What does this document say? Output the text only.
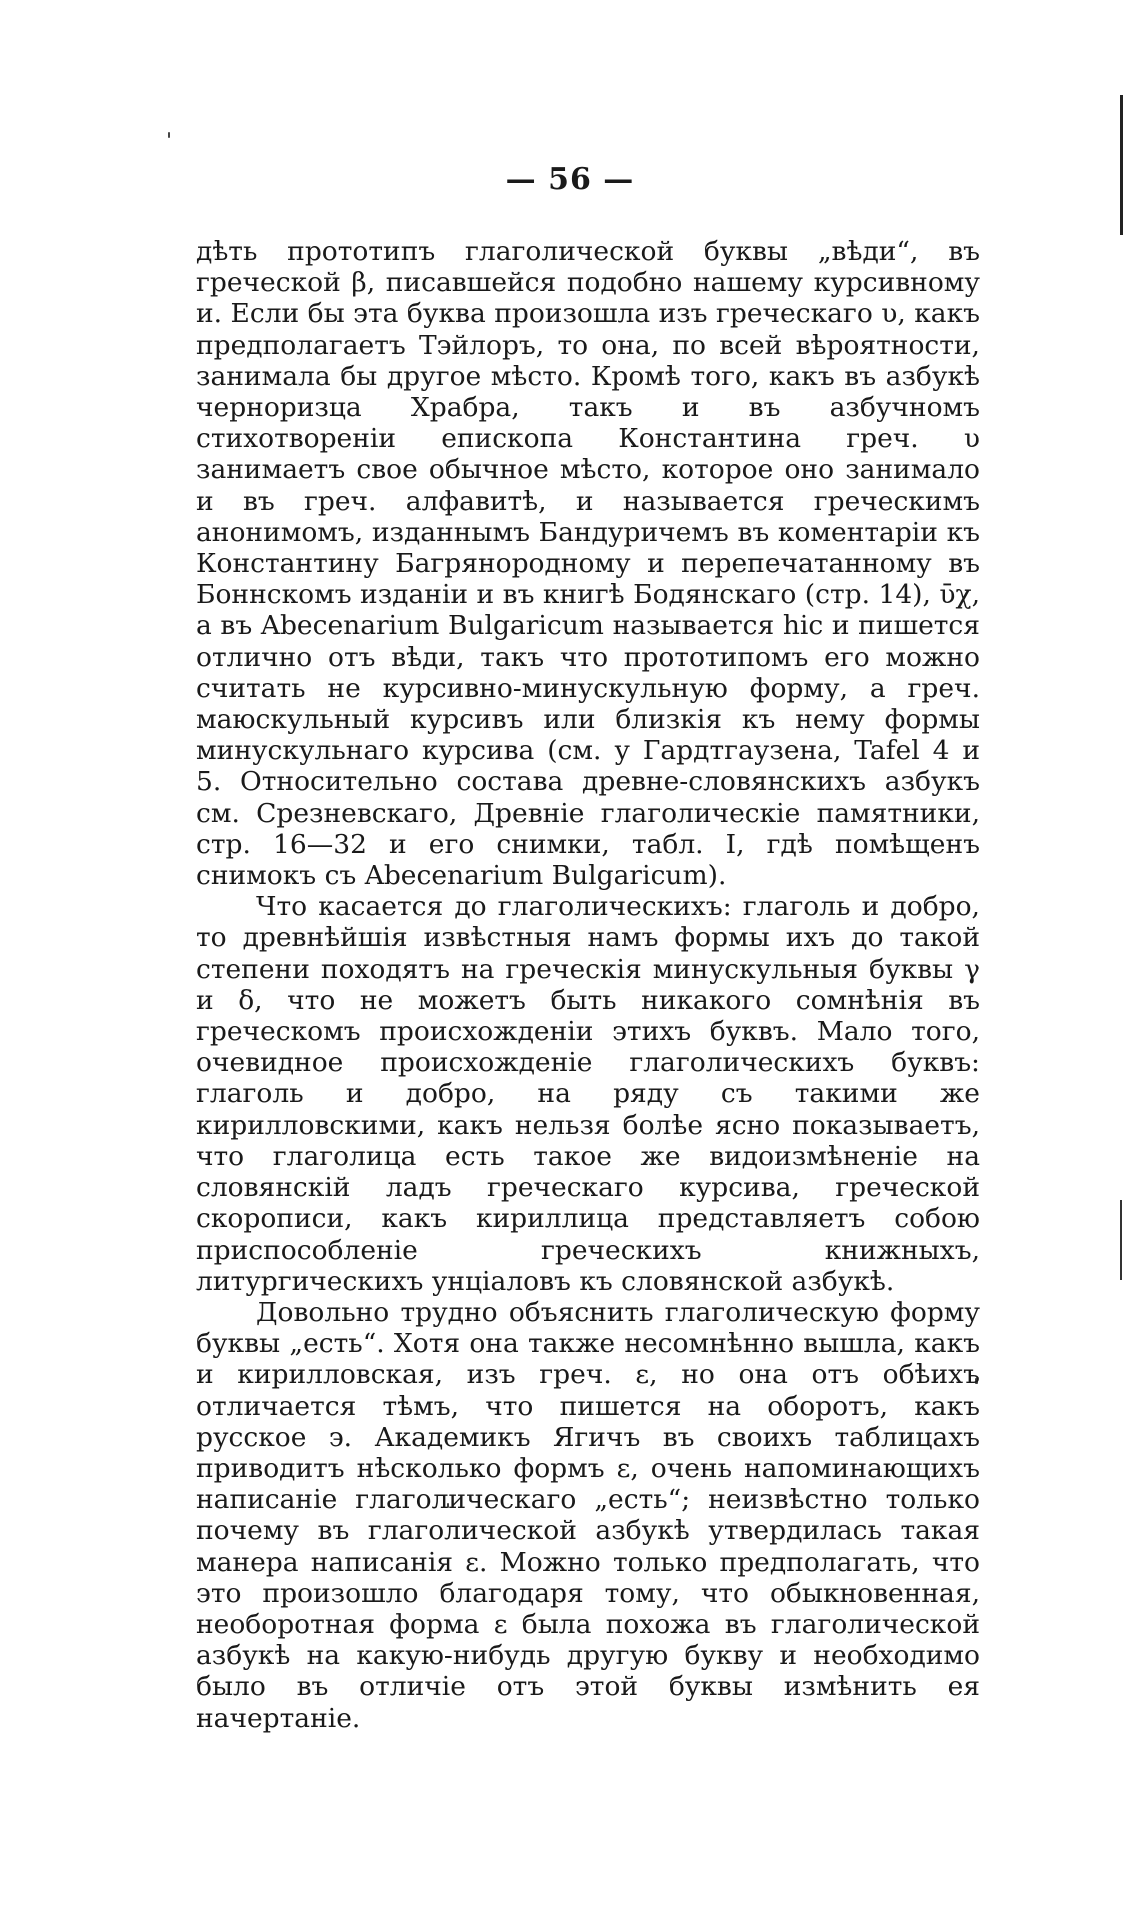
— 56 —

дѣть прототипъ глаголической буквы „вѣди“, въ греческой β, писавшейся подобно нашему курсивному и. Если бы эта буква произошла изъ греческаго υ, какъ предполагаетъ Тэйлоръ, то она, по всей вѣроятности, занимала бы другое мѣсто. Кромѣ того, какъ въ азбукѣ черноризца Храбра, такъ и въ азбучномъ стихотворенiи епископа Константина греч. υ занимаетъ свое обычное мѣсто, которое оно занимало и въ греч. алфавитѣ, и называется греческимъ анонимомъ, изданнымъ Бандуричемъ въ коментарiи къ Константину Багрянородному и перепечатанному въ Боннскомъ изданiи и въ книгѣ Бодянскаго (стр. 14), ῡχ, а въ Abecenarium Bulgaricum называется hic и пишется отлично отъ вѣди, такъ что прототипомъ его можно считать не курсивно-минускульную форму, а греч. маюскульный курсивъ или близкiя къ нему формы минускульнаго курсива (см. у Гардтгаузена, Tafel 4 и 5. Относительно состава древне-словянскихъ азбукъ см. Срезневскаго, Древнiе глаголическiе памятники, стр. 16—32 и его снимки, табл. I, гдѣ помѣщенъ снимокъ съ Abecenarium Bulgaricum).

Что касается до глаголическихъ: глаголь и добро, то древнѣйшiя извѣстныя намъ формы ихъ до такой степени походятъ на греческiя минускульныя буквы γ и δ, что не можетъ быть никакого сомнѣнiя въ греческомъ происхожденiи этихъ буквъ. Мало того, очевидное происхожденiе глаголическихъ буквъ: глаголь и добро, на ряду съ такими же кирилловскими, какъ нельзя болѣе ясно показываетъ, что глаголица есть такое же видоизмѣненiе на словянскiй ладъ греческаго курсива, греческой скорописи, какъ кириллица представляетъ собою приспособленiе греческихъ книжныхъ, литургическихъ унцiаловъ къ словянской азбукѣ.

Довольно трудно объяснить глаголическую форму буквы „есть“. Хотя она также несомнѣнно вышла, какъ и кирилловская, изъ греч. ε, но она отъ обѣихъ отличается тѣмъ, что пишется на оборотъ, какъ русское э. Академикъ Ягичъ въ своихъ таблицахъ приводитъ нѣсколько формъ ε, очень напоминающихъ написанiе глаголическаго „есть“; неизвѣстно только почему въ глаголической азбукѣ утвердилась такая манера написанiя ε. Можно только предполагать, что это произошло благодаря тому, что обыкновенная, необоротная форма ε была похожа въ глаголической азбукѣ на какую-нибудь другую букву и необходимо было въ отличiе отъ этой буквы измѣнить ея начертанiе.
